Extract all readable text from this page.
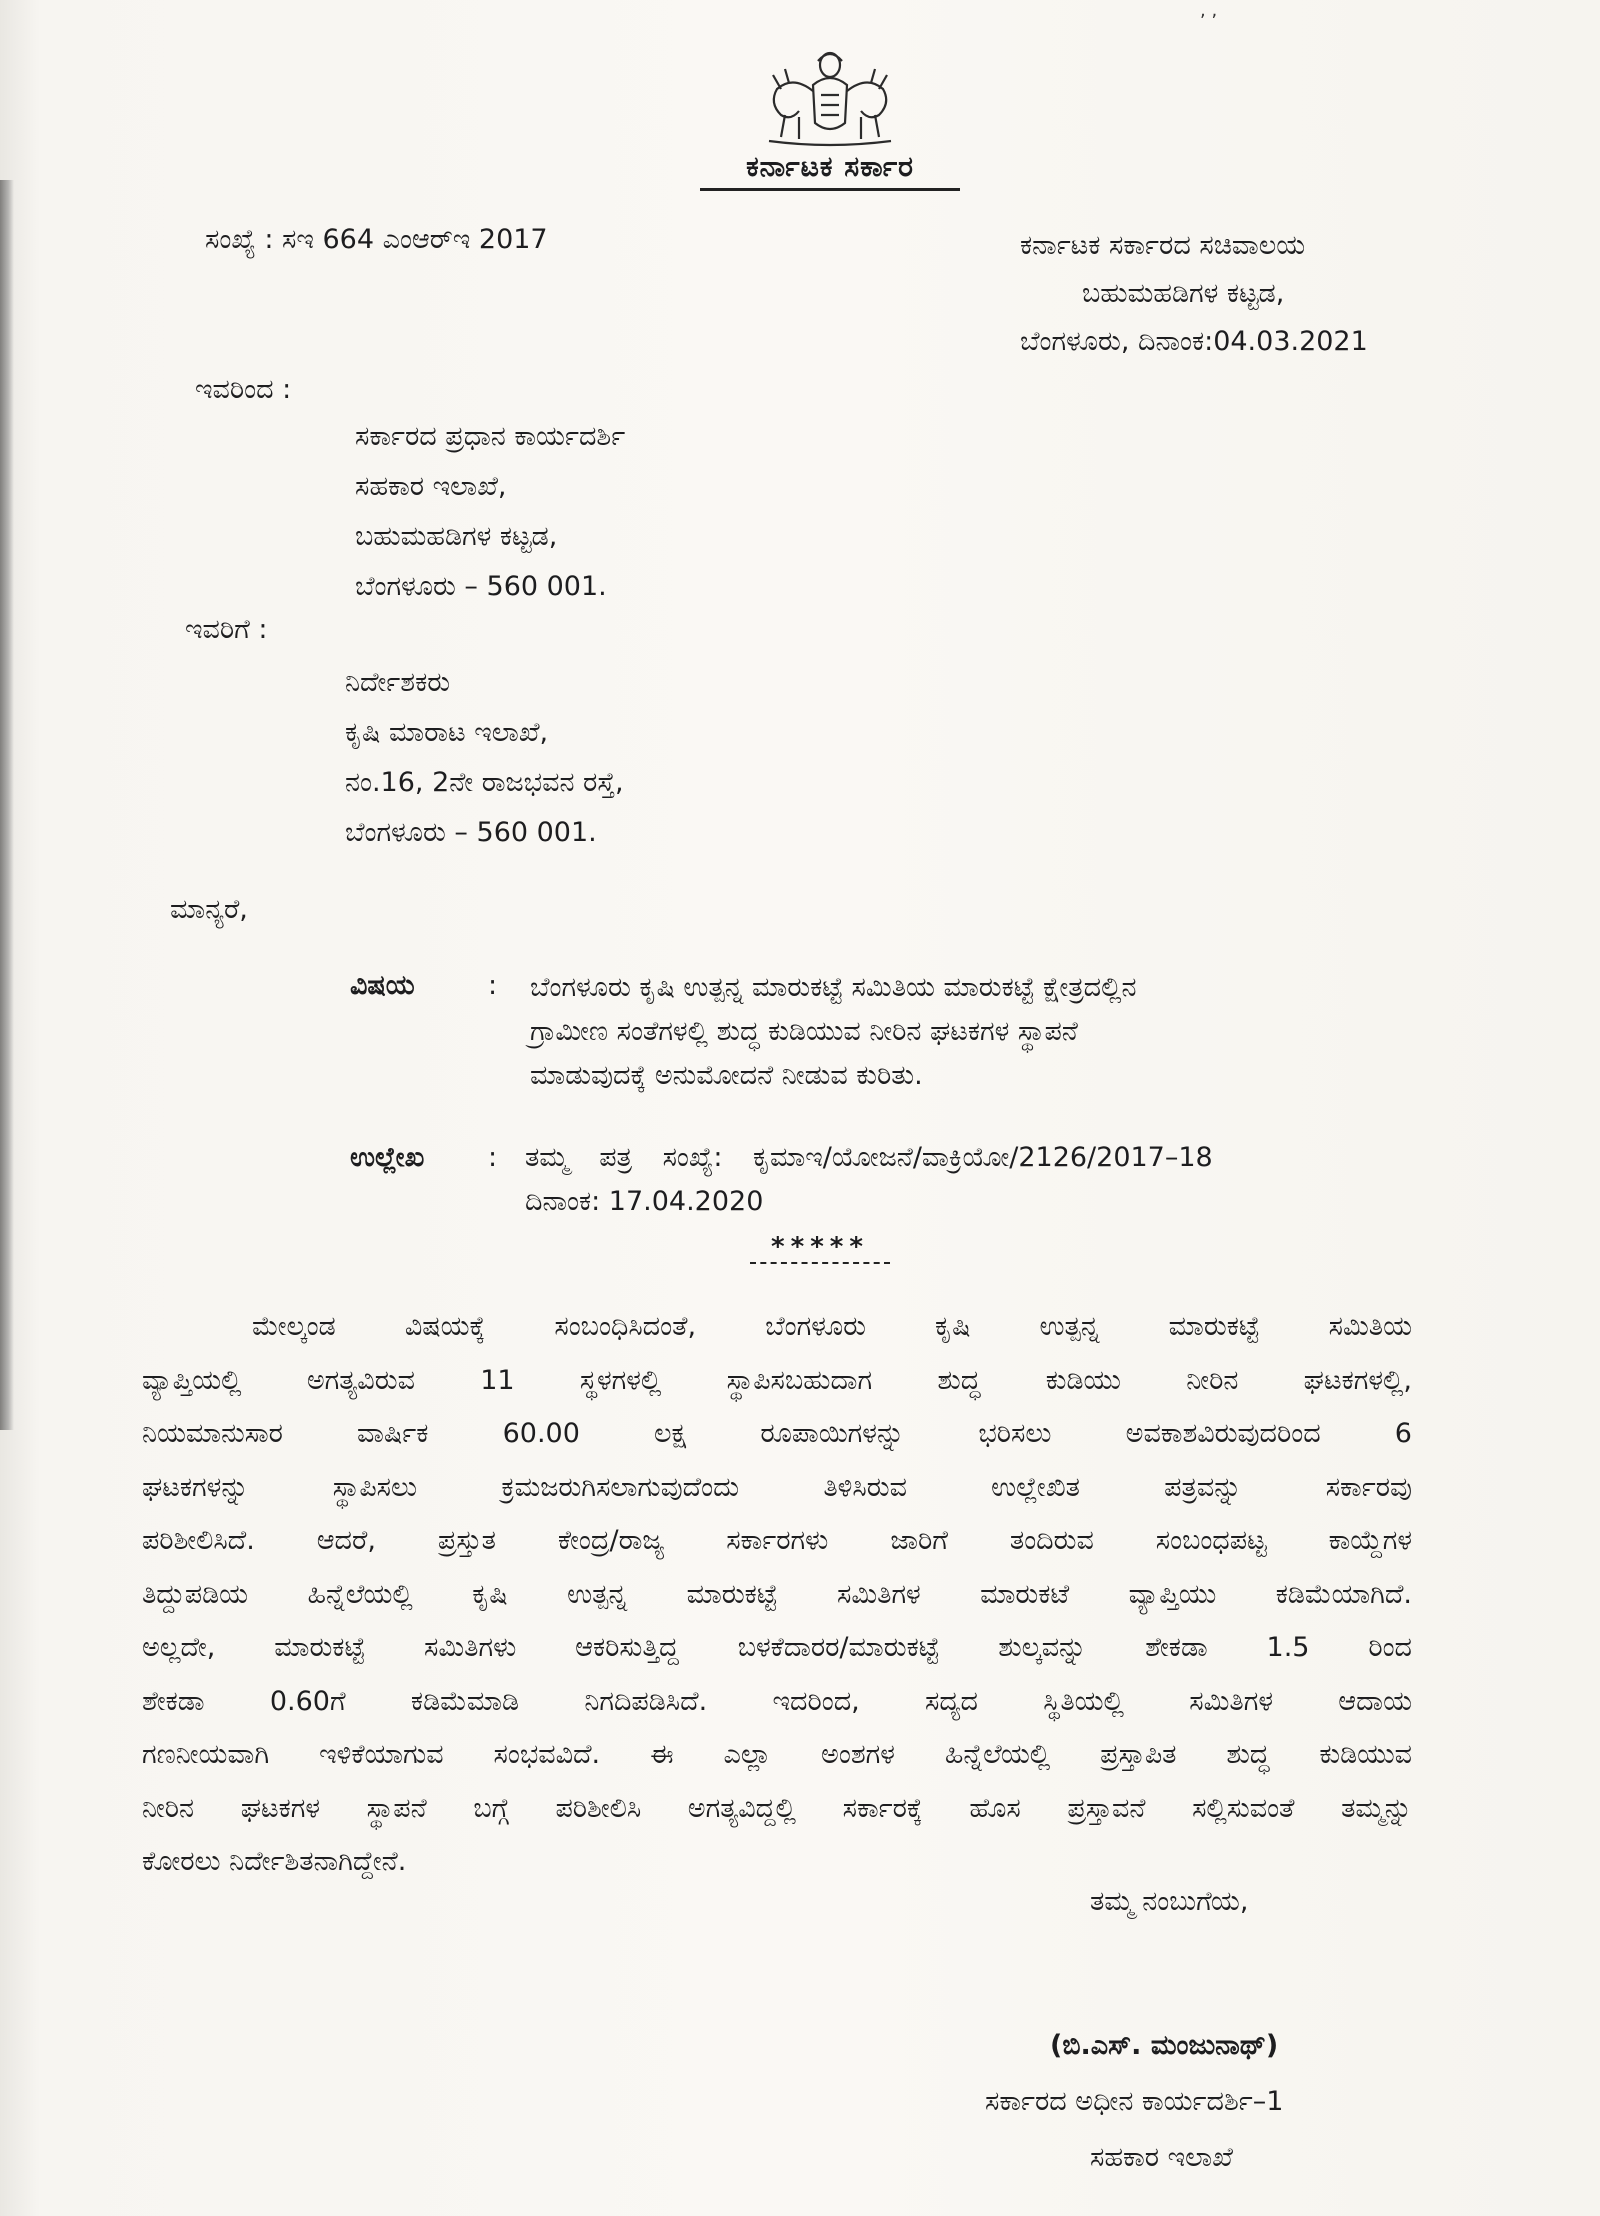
, ,
ಕರ್ನಾಟಕ ಸರ್ಕಾರ
ಸಂಖ್ಯೆ : ಸಇ 664 ಎಂಆರ್‌ಇ 2017	ಕರ್ನಾಟಕ ಸರ್ಕಾರದ ಸಚಿವಾಲಯ
ಬಹುಮಹಡಿಗಳ ಕಟ್ಟಡ,
ಬೆಂಗಳೂರು, ದಿನಾಂಕ:04.03.2021
ಇವರಿಂದ :
ಸರ್ಕಾರದ ಪ್ರಧಾನ ಕಾರ್ಯದರ್ಶಿ
ಸಹಕಾರ ಇಲಾಖೆ,
ಬಹುಮಹಡಿಗಳ ಕಟ್ಟಡ,
ಬೆಂಗಳೂರು – 560 001.
ಇವರಿಗೆ :
ನಿರ್ದೇಶಕರು
ಕೃಷಿ ಮಾರಾಟ ಇಲಾಖೆ,
ನಂ.16, 2ನೇ ರಾಜಭವನ ರಸ್ತೆ,
ಬೆಂಗಳೂರು – 560 001.
ಮಾನ್ಯರೆ,
ವಿಷಯ	: ಬೆಂಗಳೂರು ಕೃಷಿ ಉತ್ಪನ್ನ ಮಾರುಕಟ್ಟೆ ಸಮಿತಿಯ ಮಾರುಕಟ್ಟೆ ಕ್ಷೇತ್ರದಲ್ಲಿನ
ಗ್ರಾಮೀಣ ಸಂತೆಗಳಲ್ಲಿ ಶುದ್ಧ ಕುಡಿಯುವ ನೀರಿನ ಘಟಕಗಳ ಸ್ಥಾಪನೆ
ಮಾಡುವುದಕ್ಕೆ ಅನುಮೋದನೆ ನೀಡುವ ಕುರಿತು.
ಉಲ್ಲೇಖ : ತಮ್ಮ ಪತ್ರ ಸಂಖ್ಯೆ: ಕೃಮಾಇ/ಯೋಜನೆ/ವಾಕ್ರಿಯೋ/2126/2017–18
ದಿನಾಂಕ: 17.04.2020
*****
ಮೇಲ್ಕಂಡ ವಿಷಯಕ್ಕೆ ಸಂಬಂಧಿಸಿದಂತೆ, ಬೆಂಗಳೂರು ಕೃಷಿ ಉತ್ಪನ್ನ ಮಾರುಕಟ್ಟೆ ಸಮಿತಿಯ
ವ್ಯಾಪ್ತಿಯಲ್ಲಿ ಅಗತ್ಯವಿರುವ 11 ಸ್ಥಳಗಳಲ್ಲಿ ಸ್ಥಾಪಿಸಬಹುದಾಗ ಶುದ್ಧ ಕುಡಿಯು ನೀರಿನ ಘಟಕಗಳಲ್ಲಿ,
ನಿಯಮಾನುಸಾರ ವಾರ್ಷಿಕ 60.00 ಲಕ್ಷ ರೂಪಾಯಿಗಳನ್ನು ಭರಿಸಲು ಅವಕಾಶವಿರುವುದರಿಂದ 6
ಘಟಕಗಳನ್ನು ಸ್ಥಾಪಿಸಲು ಕ್ರಮಜರುಗಿಸಲಾಗುವುದೆಂದು ತಿಳಿಸಿರುವ ಉಲ್ಲೇಖಿತ ಪತ್ರವನ್ನು ಸರ್ಕಾರವು
ಪರಿಶೀಲಿಸಿದೆ. ಆದರೆ, ಪ್ರಸ್ತುತ ಕೇಂದ್ರ/ರಾಜ್ಯ ಸರ್ಕಾರಗಳು ಜಾರಿಗೆ ತಂದಿರುವ ಸಂಬಂಧಪಟ್ಟ ಕಾಯ್ದೆಗಳ
ತಿದ್ದುಪಡಿಯ ಹಿನ್ನೆಲೆಯಲ್ಲಿ ಕೃಷಿ ಉತ್ಪನ್ನ ಮಾರುಕಟ್ಟೆ ಸಮಿತಿಗಳ ಮಾರುಕಟೆ ವ್ಯಾಪ್ತಿಯು ಕಡಿಮೆಯಾಗಿದೆ.
ಅಲ್ಲದೇ, ಮಾರುಕಟ್ಟೆ ಸಮಿತಿಗಳು ಆಕರಿಸುತ್ತಿದ್ದ ಬಳಕೆದಾರರ/ಮಾರುಕಟ್ಟೆ ಶುಲ್ಕವನ್ನು ಶೇಕಡಾ 1.5 ರಿಂದ
ಶೇಕಡಾ 0.60ಗೆ ಕಡಿಮೆಮಾಡಿ ನಿಗದಿಪಡಿಸಿದೆ. ಇದರಿಂದ, ಸದ್ಯದ ಸ್ಥಿತಿಯಲ್ಲಿ ಸಮಿತಿಗಳ ಆದಾಯ
ಗಣನೀಯವಾಗಿ ಇಳಿಕೆಯಾಗುವ ಸಂಭವವಿದೆ. ಈ ಎಲ್ಲಾ ಅಂಶಗಳ ಹಿನ್ನೆಲೆಯಲ್ಲಿ ಪ್ರಸ್ತಾಪಿತ ಶುದ್ಧ ಕುಡಿಯುವ
ನೀರಿನ ಘಟಕಗಳ ಸ್ಥಾಪನೆ ಬಗ್ಗೆ ಪರಿಶೀಲಿಸಿ ಅಗತ್ಯವಿದ್ದಲ್ಲಿ ಸರ್ಕಾರಕ್ಕೆ ಹೊಸ ಪ್ರಸ್ತಾವನೆ ಸಲ್ಲಿಸುವಂತೆ ತಮ್ಮನ್ನು
ಕೋರಲು ನಿರ್ದೇಶಿತನಾಗಿದ್ದೇನೆ.
ತಮ್ಮ ನಂಬುಗೆಯ,
(ಬಿ.ಎಸ್. ಮಂಜುನಾಥ್)
ಸರ್ಕಾರದ ಅಧೀನ ಕಾರ್ಯದರ್ಶಿ–1
ಸಹಕಾರ ಇಲಾಖೆ
